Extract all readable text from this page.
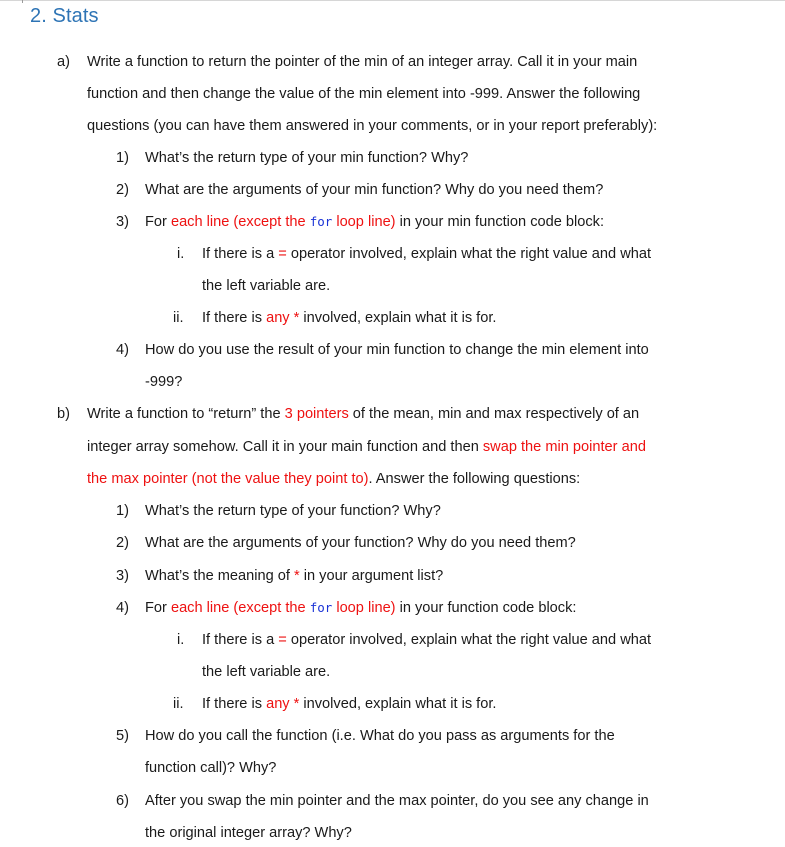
2. Stats
a) Write a function to return the pointer of the min of an integer array. Call it in your main
function and then change the value of the min element into -999. Answer the following
questions (you can have them answered in your comments, or in your report preferably):
1) What’s the return type of your min function? Why?
2) What are the arguments of your min function? Why do you need them?
3) For each line (except the for loop line) in your min function code block:
i. If there is a = operator involved, explain what the right value and what
the left variable are.
ii. If there is any * involved, explain what it is for.
4) How do you use the result of your min function to change the min element into
-999?
b) Write a function to “return” the 3 pointers of the mean, min and max respectively of an
integer array somehow. Call it in your main function and then swap the min pointer and
the max pointer (not the value they point to). Answer the following questions:
1) What’s the return type of your function? Why?
2) What are the arguments of your function? Why do you need them?
3) What’s the meaning of * in your argument list?
4) For each line (except the for loop line) in your function code block:
i. If there is a = operator involved, explain what the right value and what
the left variable are.
ii. If there is any * involved, explain what it is for.
5) How do you call the function (i.e. What do you pass as arguments for the
function call)? Why?
6) After you swap the min pointer and the max pointer, do you see any change in
the original integer array? Why?
